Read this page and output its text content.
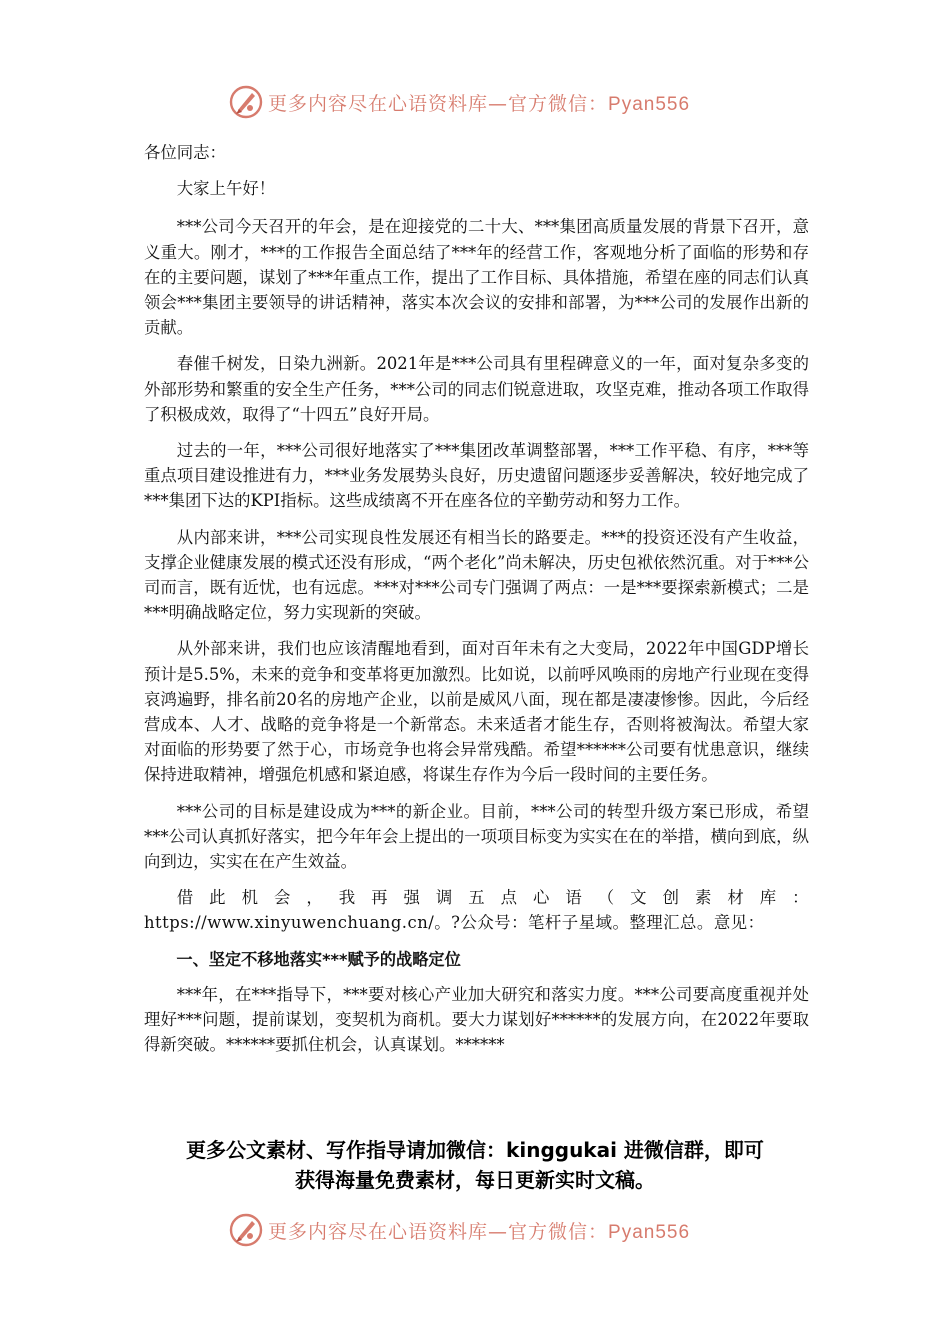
更多内容尽在心语资料库—官方微信：Pyan556

各位同志：

大家上午好！

***公司今天召开的年会，是在迎接党的二十大、***集团高质量发展的背景下召开，意义重大。刚才，***的工作报告全面总结了***年的经营工作，客观地分析了面临的形势和存在的主要问题，谋划了***年重点工作，提出了工作目标、具体措施，希望在座的同志们认真领会***集团主要领导的讲话精神，落实本次会议的安排和部署，为***公司的发展作出新的贡献。

春催千树发，日染九洲新。2021年是***公司具有里程碑意义的一年，面对复杂多变的外部形势和繁重的安全生产任务，***公司的同志们锐意进取，攻坚克难，推动各项工作取得了积极成效，取得了“十四五”良好开局。

过去的一年，***公司很好地落实了***集团改革调整部署，***工作平稳、有序，***等重点项目建设推进有力，***业务发展势头良好，历史遗留问题逐步妥善解决，较好地完成了***集团下达的KPI指标。这些成绩离不开在座各位的辛勤劳动和努力工作。

从内部来讲，***公司实现良性发展还有相当长的路要走。***的投资还没有产生收益，支撑企业健康发展的模式还没有形成，“两个老化”尚未解决，历史包袱依然沉重。对于***公司而言，既有近忧，也有远虑。***对***公司专门强调了两点：一是***要探索新模式；二是***明确战略定位，努力实现新的突破。

从外部来讲，我们也应该清醒地看到，面对百年未有之大变局，2022年中国GDP增长预计是5.5%，未来的竞争和变革将更加激烈。比如说，以前呼风唤雨的房地产行业现在变得哀鸿遍野，排名前20名的房地产企业，以前是威风八面，现在都是凄凄惨惨。因此，今后经营成本、人才、战略的竞争将是一个新常态。未来适者才能生存，否则将被淘汰。希望大家对面临的形势要了然于心，市场竞争也将会异常残酷。希望******公司要有忧患意识，继续保持进取精神，增强危机感和紧迫感，将谋生存作为今后一段时间的主要任务。

***公司的目标是建设成为***的新企业。目前，***公司的转型升级方案已形成，希望***公司认真抓好落实，把今年年会上提出的一项项目标变为实实在在的举措，横向到底，纵向到边，实实在在产生效益。

借此机会，我再强调五点心语（文创素材库：https://www.xinyuwenchuang.cn/。?公众号：笔杆子星域。整理汇总。意见：

一、坚定不移地落实***赋予的战略定位

***年，在***指导下，***要对核心产业加大研究和落实力度。***公司要高度重视并处理好***问题，提前谋划，变契机为商机。要大力谋划好******的发展方向，在2022年要取得新突破。******要抓住机会，认真谋划。******

更多公文素材、写作指导请加微信：kinggukai 进微信群，即可
获得海量免费素材，每日更新实时文稿。
更多内容尽在心语资料库—官方微信：Pyan556
